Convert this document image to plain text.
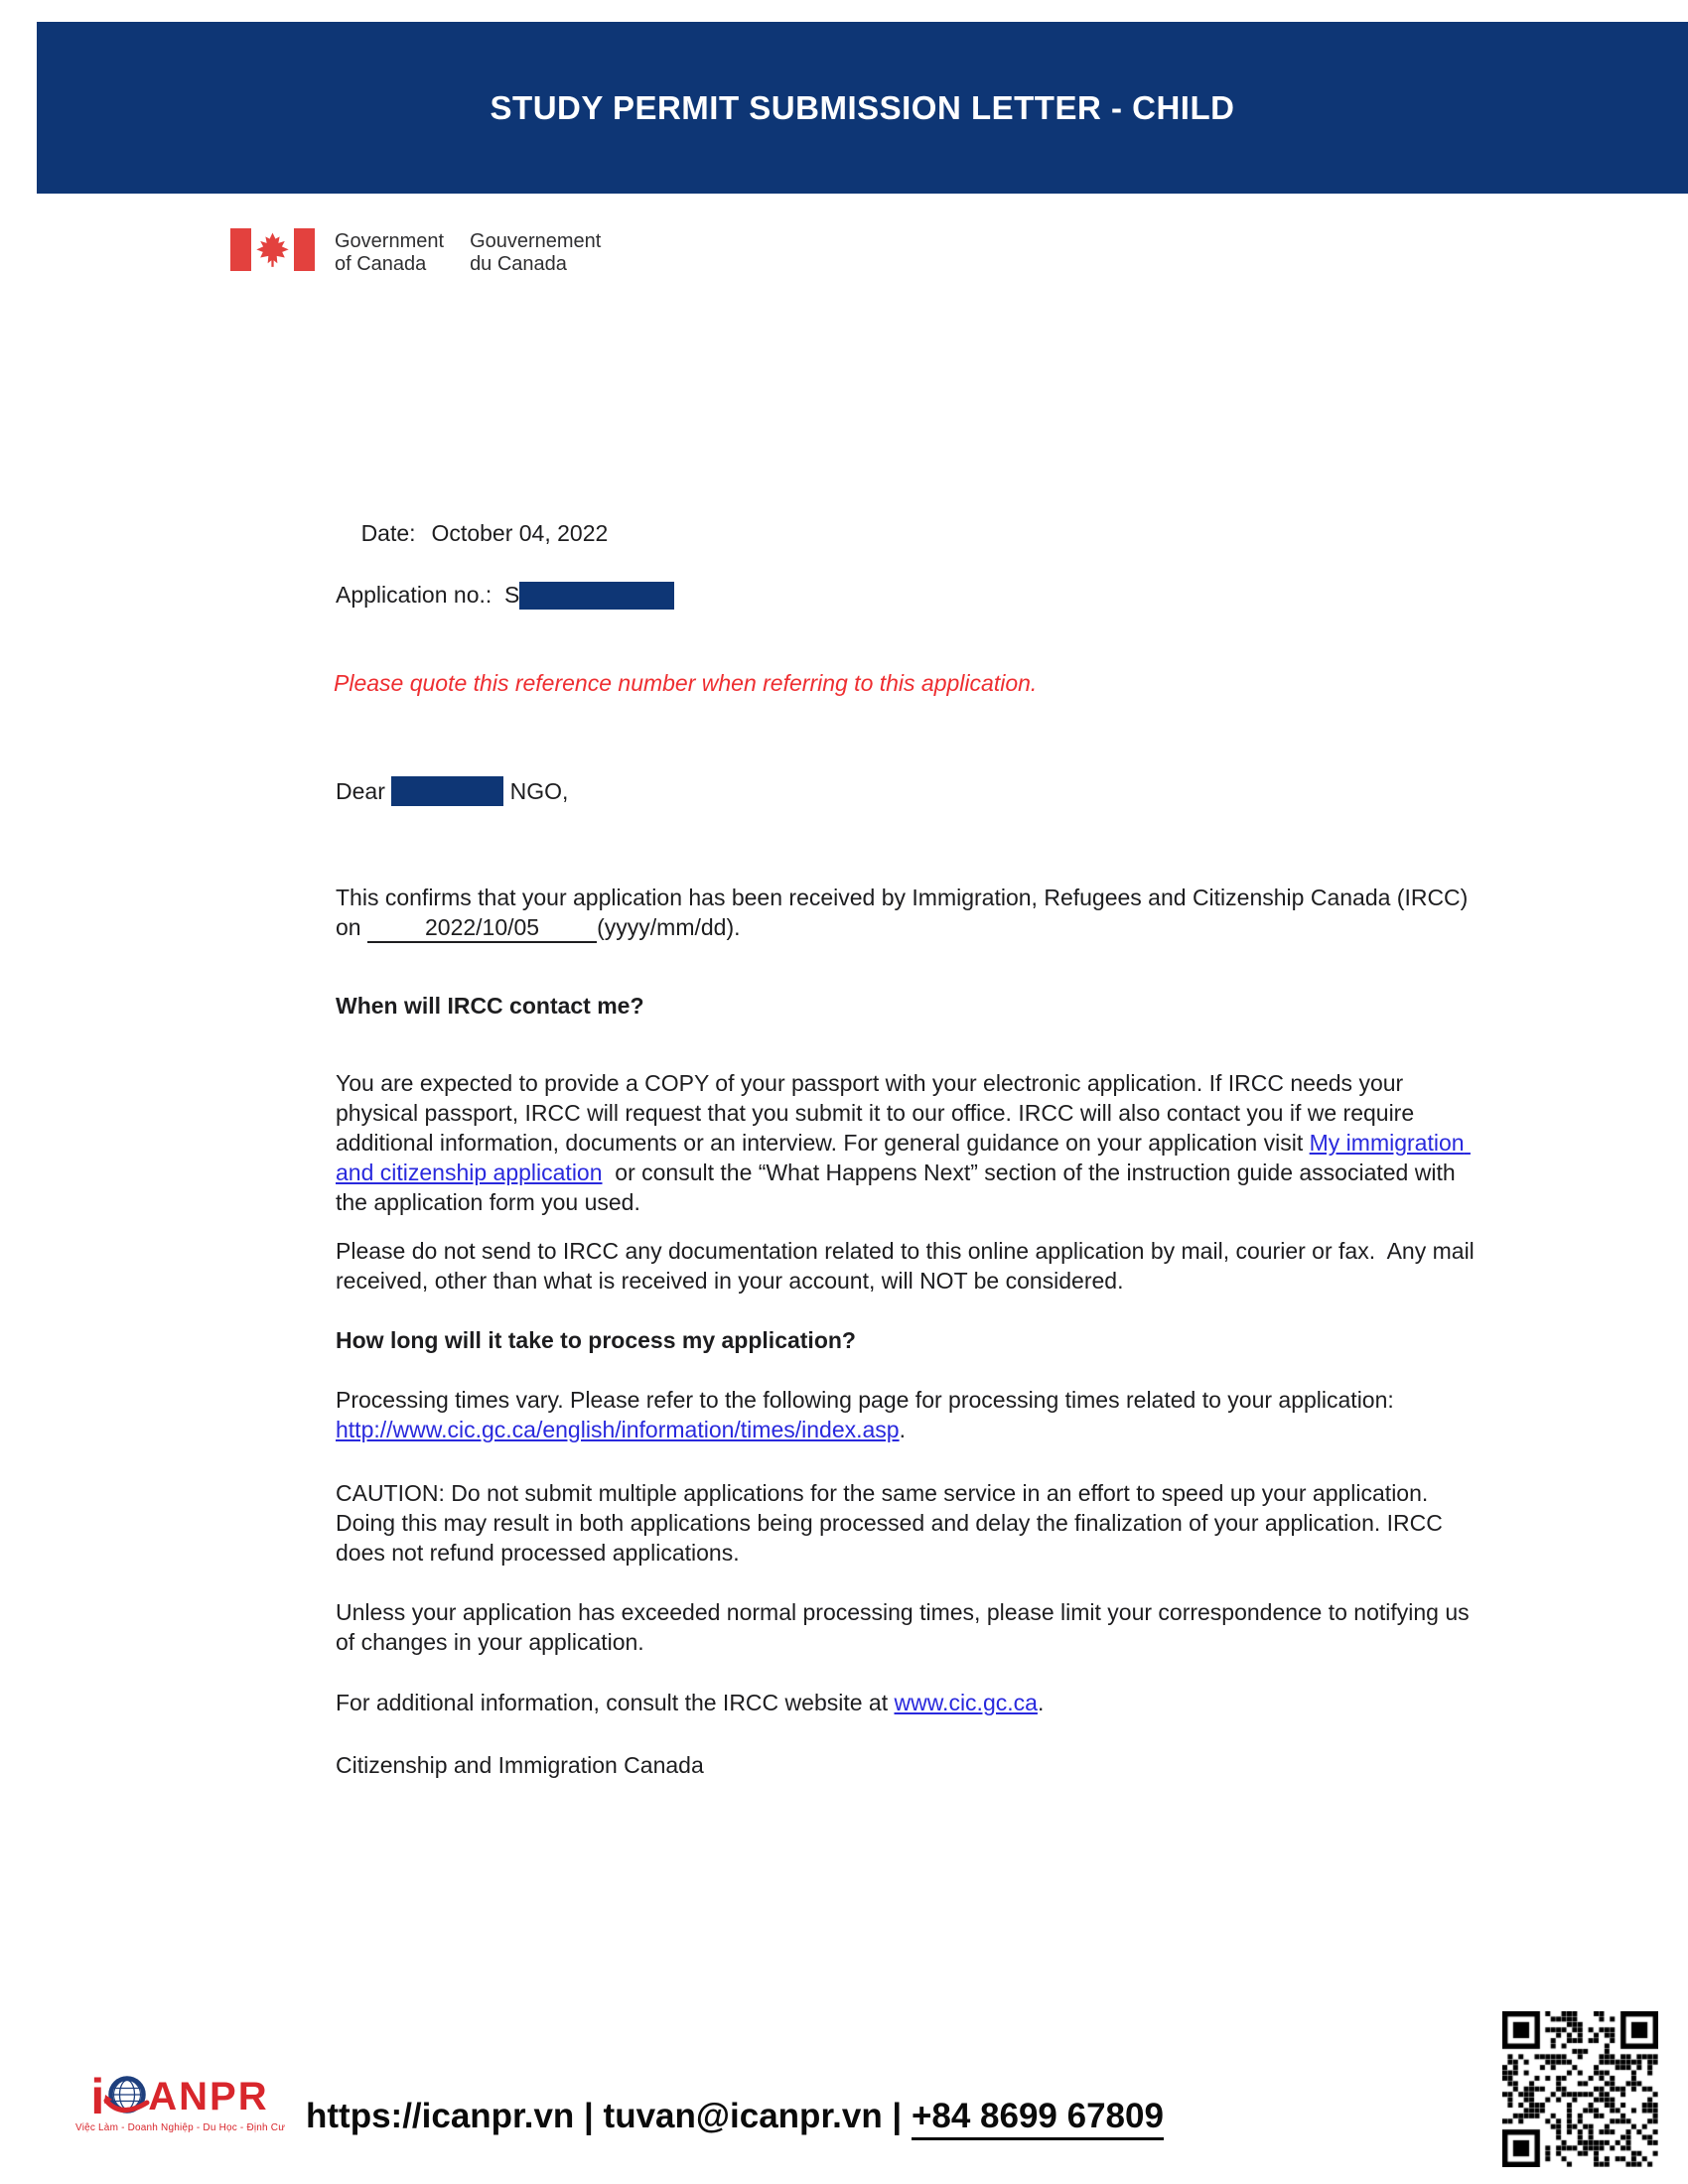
STUDY PERMIT SUBMISSION LETTER - CHILD
Government
of Canada
Gouvernement
du Canada

Date: October 04, 2022

Application no.:  S
Please quote this reference number when referring to this application.
Dear	NGO,
This confirms that your application has been received by Immigration, Refugees and Citizenship Canada (IRCC) on	2022/10/05	(yyyy/mm/dd).
When will IRCC contact me?
You are expected to provide a COPY of your passport with your electronic application. If IRCC needs your physical passport, IRCC will request that you submit it to our office. IRCC will also contact you if we require additional information, documents or an interview. For general guidance on your application visit My immigration and citizenship application  or consult the “What Happens Next” section of the instruction guide associated with the application form you used.
Please do not send to IRCC any documentation related to this online application by mail, courier or fax.  Any mail received, other than what is received in your account, will NOT be considered.
How long will it take to process my application?
Processing times vary. Please refer to the following page for processing times related to your application: http://www.cic.gc.ca/english/information/times/index.asp.
CAUTION: Do not submit multiple applications for the same service in an effort to speed up your application.  Doing this may result in both applications being processed and delay the finalization of your application. IRCC does not refund processed applications.
Unless your application has exceeded normal processing times, please limit your correspondence to notifying us of changes in your application.
For additional information, consult the IRCC website at www.cic.gc.ca.
Citizenship and Immigration Canada
i ANPR
Việc Làm - Doanh Nghiệp - Du Học - Định Cư https://icanpr.vn | tuvan@icanpr.vn | +84 8699 67809
